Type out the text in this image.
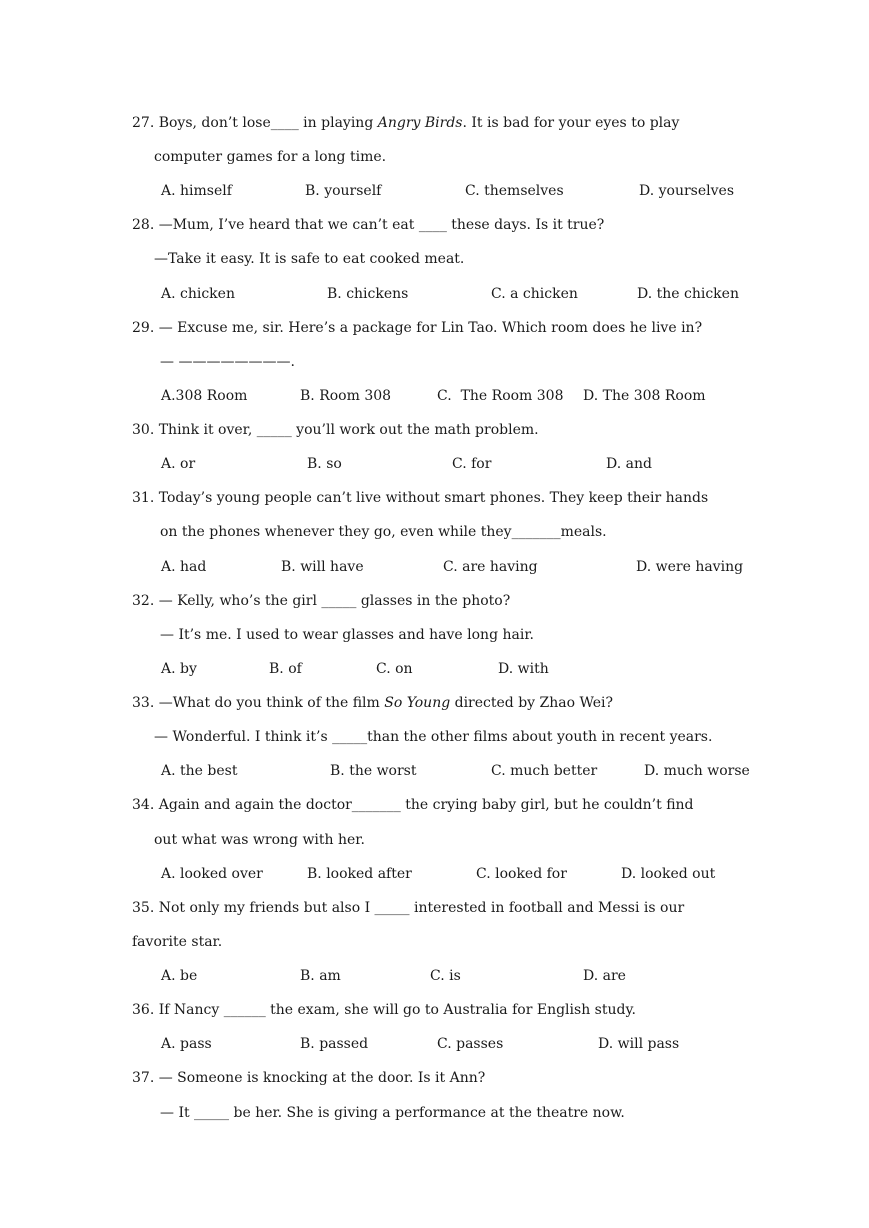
27. Boys, don’t lose____ in playing Angry Birds. It is bad for your eyes to play
computer games for a long time.
A. himself	B. yourself	C. themselves	D. yourselves
28. —Mum, I’ve heard that we can’t eat ____ these days. Is it true?
—Take it easy. It is safe to eat cooked meat.
A. chicken	B. chickens	C. a chicken	D. the chicken
29. — Excuse me, sir. Here’s a package for Lin Tao. Which room does he live in?
— ————————.
A.308 Room	B. Room 308	C.  The Room 308 D. The 308 Room
30. Think it over, _____ you’ll work out the math problem.
A. or	B. so	C. for	D. and
31. Today’s young people can’t live without smart phones. They keep their hands
on the phones whenever they go, even while they_______meals.
A. had	B. will have	C. are having	D. were having
32. — Kelly, who’s the girl _____ glasses in the photo?
— It’s me. I used to wear glasses and have long hair.
A. by	B. of	C. on	D. with
33. —What do you think of the film So Young directed by Zhao Wei?
— Wonderful. I think it’s _____than the other films about youth in recent years.
A. the best	B. the worst	C. much better	D. much worse
34. Again and again the doctor_______ the crying baby girl, but he couldn’t find
out what was wrong with her.
A. looked over	B. looked after	C. looked for	D. looked out
35. Not only my friends but also I _____ interested in football and Messi is our
favorite star.
A. be	B. am	C. is	D. are
36. If Nancy ______ the exam, she will go to Australia for English study.
A. pass	B. passed	C. passes	D. will pass
37. — Someone is knocking at the door. Is it Ann?
— It _____ be her. She is giving a performance at the theatre now.
